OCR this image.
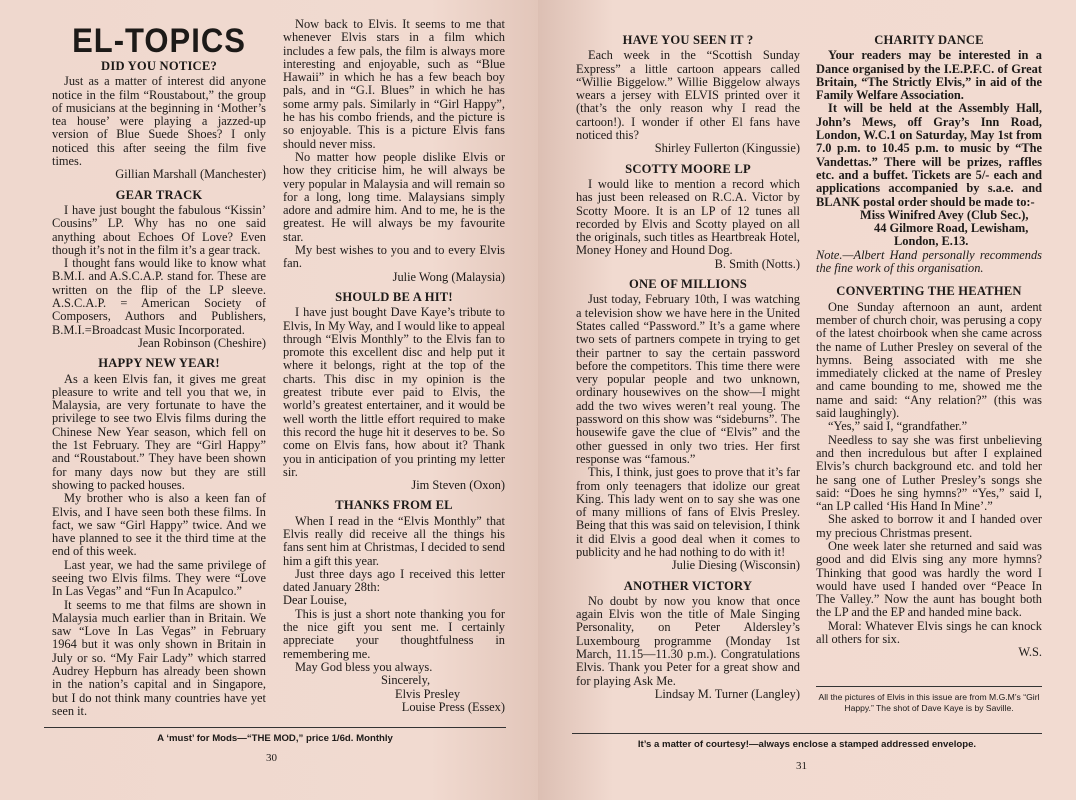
EL-TOPICS
DID YOU NOTICE?

Just as a matter of interest did anyone notice in the film “Roustabout,” the group of musicians at the beginning in ‘Mother’s tea house’ were playing a jazzed-up version of Blue Suede Shoes? I only noticed this after seeing the film five times.

Gillian Marshall (Manchester)

GEAR TRACK

I have just bought the fabulous “Kissin’ Cousins” LP. Why has no one said anything about Echoes Of Love? Even though it’s not in the film it’s a gear track.

I thought fans would like to know what B.M.I. and A.S.C.A.P. stand for. These are written on the flip of the LP sleeve. A.S.C.A.P. = American Society of Composers, Authors and Publishers, B.M.I.=Broadcast Music Incorporated.

Jean Robinson (Cheshire)

HAPPY NEW YEAR!

As a keen Elvis fan, it gives me great pleasure to write and tell you that we, in Malaysia, are very fortunate to have the privilege to see two Elvis films during the Chinese New Year season, which fell on the 1st February. They are “Girl Happy” and “Roustabout.” They have been shown for many days now but they are still showing to packed houses.

My brother who is also a keen fan of Elvis, and I have seen both these films. In fact, we saw “Girl Happy” twice. And we have planned to see it the third time at the end of this week.

Last year, we had the same privilege of seeing two Elvis films. They were “Love In Las Vegas” and “Fun In Acapulco.”

It seems to me that films are shown in Malaysia much earlier than in Britain. We saw “Love In Las Vegas” in February 1964 but it was only shown in Britain in July or so. “My Fair Lady” which starred Audrey Hepburn has already been shown in the nation’s capital and in Singapore, but I do not think many countries have yet seen it.

Now back to Elvis. It seems to me that whenever Elvis stars in a film which includes a few pals, the film is always more interesting and enjoyable, such as “Blue Hawaii” in which he has a few beach boy pals, and in “G.I. Blues” in which he has some army pals. Similarly in “Girl Happy”, he has his combo friends, and the picture is so enjoyable. This is a picture Elvis fans should never miss.

No matter how people dislike Elvis or how they criticise him, he will always be very popular in Malaysia and will remain so for a long, long time. Malaysians simply adore and admire him. And to me, he is the greatest. He will always be my favourite star.

My best wishes to you and to every Elvis fan.

Julie Wong (Malaysia)

SHOULD BE A HIT!

I have just bought Dave Kaye’s tribute to Elvis, In My Way, and I would like to appeal through “Elvis Monthly” to the Elvis fan to promote this excellent disc and help put it where it belongs, right at the top of the charts. This disc in my opinion is the greatest tribute ever paid to Elvis, the world’s greatest entertainer, and it would be well worth the little effort required to make this record the huge hit it deserves to be. So come on Elvis fans, how about it? Thank you in anticipation of you printing my letter sir.

Jim Steven (Oxon)

THANKS FROM EL

When I read in the “Elvis Monthly” that Elvis really did receive all the things his fans sent him at Christmas, I decided to send him a gift this year.

Just three days ago I received this letter dated January 28th:

Dear Louise,

This is just a short note thanking you for the nice gift you sent me. I certainly appreciate your thoughtfulness in remembering me.

May God bless you always.

Sincerely,

Elvis Presley

Louise Press (Essex)

A ‘must’ for Mods—“THE MOD,” price 1/6d. Monthly
30
HAVE YOU SEEN IT ?

Each week in the “Scottish Sunday Express” a little cartoon appears called “Willie Biggelow.” Willie Biggelow always wears a jersey with ELVIS printed over it (that’s the only reason why I read the cartoon!). I wonder if other El fans have noticed this?

Shirley Fullerton (Kingussie)

SCOTTY MOORE LP

I would like to mention a record which has just been released on R.C.A. Victor by Scotty Moore. It is an LP of 12 tunes all recorded by Elvis and Scotty played on all the originals, such titles as Heartbreak Hotel, Money Honey and Hound Dog.

B. Smith (Notts.)

ONE OF MILLIONS

Just today, February 10th, I was watching a television show we have here in the United States called “Password.” It’s a game where two sets of partners compete in trying to get their partner to say the certain password before the competitors. This time there were very popular people and two unknown, ordinary housewives on the show—I might add the two wives weren’t real young. The password on this show was “sideburns”. The housewife gave the clue of “Elvis” and the other guessed in only two tries. Her first response was “famous.”

This, I think, just goes to prove that it’s far from only teenagers that idolize our great King. This lady went on to say she was one of many millions of fans of Elvis Presley. Being that this was said on television, I think it did Elvis a good deal when it comes to publicity and he had nothing to do with it!

Julie Diesing (Wisconsin)

ANOTHER VICTORY

No doubt by now you know that once again Elvis won the title of Male Singing Personality, on Peter Aldersley’s Luxembourg programme (Monday 1st March, 11.15—11.30 p.m.). Congratulations Elvis. Thank you Peter for a great show and for playing Ask Me.

Lindsay M. Turner (Langley)

CHARITY DANCE

Your readers may be interested in a Dance organised by the I.E.P.F.C. of Great Britain, “The Strictly Elvis,” in aid of the Family Welfare Association.

It will be held at the Assembly Hall, John’s Mews, off Gray’s Inn Road, London, W.C.1 on Saturday, May 1st from 7.0 p.m. to 10.45 p.m. to music by “The Vandettas.” There will be prizes, raffles etc. and a buffet. Tickets are 5/- each and applications accompanied by s.a.e. and BLANK postal order should be made to:-

Miss Winifred Avey (Club Sec.),

44 Gilmore Road, Lewisham,

London, E.13.

Note.—Albert Hand personally recommends the fine work of this organisation.

CONVERTING THE HEATHEN

One Sunday afternoon an aunt, ardent member of church choir, was perusing a copy of the latest choirbook when she came across the name of Luther Presley on several of the hymns. Being associated with me she immediately clicked at the name of Presley and came bounding to me, showed me the name and said: “Any relation?” (this was said laughingly).

“Yes,” said I, “grandfather.”

Needless to say she was first unbelieving and then incredulous but after I explained Elvis’s church background etc. and told her he sang one of Luther Presley’s songs she said: “Does he sing hymns?” “Yes,” said I, “an LP called ‘His Hand In Mine’.”

She asked to borrow it and I handed over my precious Christmas present.

One week later she returned and said was good and did Elvis sing any more hymns? Thinking that good was hardly the word I would have used I handed over “Peace In The Valley.” Now the aunt has bought both the LP and the EP and handed mine back.

Moral: Whatever Elvis sings he can knock all others for six.

W.S.

All the pictures of Elvis in this issue are from M.G.M’s “Girl Happy.” The shot of Dave Kaye is by Saville.
It’s a matter of courtesy!—always enclose a stamped addressed envelope.
31
